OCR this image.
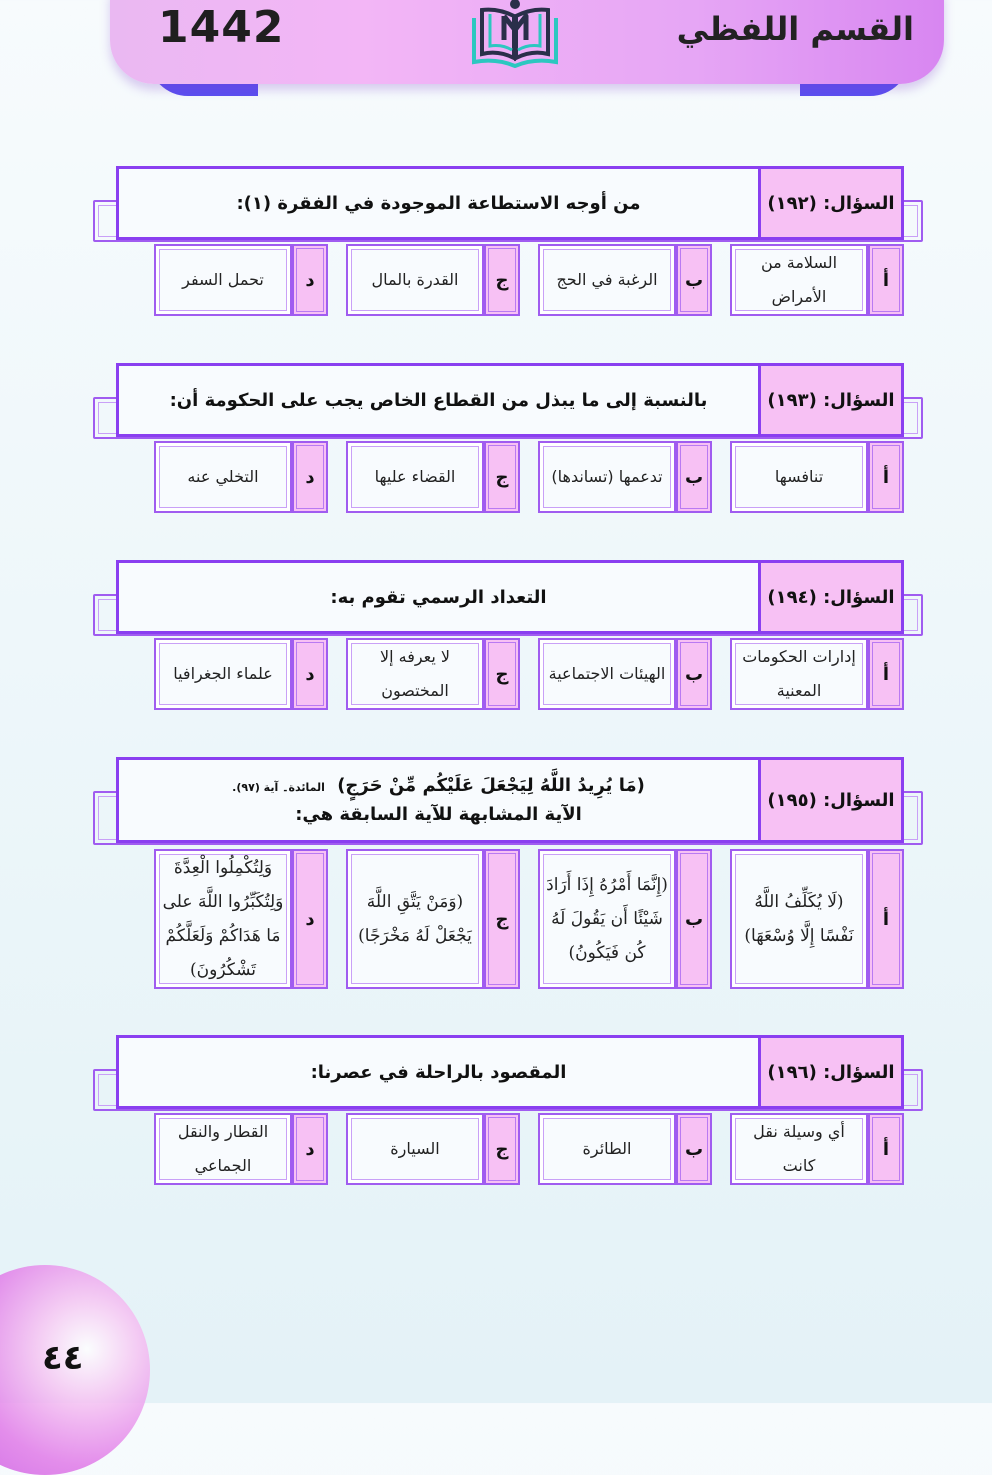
القسم اللفظي
1442
السؤال: (١٩٢)
من أوجه الاستطاعة الموجودة في الفقرة (١):
أ
السلامة من الأمراض
ب
الرغبة في الحج
ج
القدرة بالمال
د
تحمل السفر
السؤال: (١٩٣)
بالنسبة إلى ما يبذل من القطاع الخاص يجب على الحكومة أن:
أ
تنافسها
ب
تدعمها (تساندها)
ج
القضاء عليها
د
التخلي عنه
السؤال: (١٩٤)
التعداد الرسمي تقوم به:
أ
إدارات الحكومات المعنية
ب
الهيئات الاجتماعية
ج
لا يعرفه إلا المختصون
د
علماء الجغرافيا
السؤال: (١٩٥)
(مَا يُرِيدُ اللَّهُ لِيَجْعَلَ عَلَيْكُم مِّنْ حَرَجٍ) المائدة۔ آية (٩٧).
الآية المشابهة للآية السابقة هي:
أ
(لَا يُكَلِّفُ اللَّهُ نَفْسًا إِلَّا وُسْعَهَا)
ب
(إِنَّمَا أَمْرُهُ إِذَا أَرَادَ شَيْئًا أَن يَقُولَ لَهُ كُن فَيَكُونُ)
ج
(وَمَنْ يَتَّقِ اللَّهَ يَجْعَلْ لَهُ مَخْرَجًا)
د
وَلِتُكْمِلُوا الْعِدَّةَ وَلِتُكَبِّرُوا اللَّهَ على مَا هَدَاكُمْ وَلَعَلَّكُمْ تَشْكُرُونَ)
السؤال: (١٩٦)
المقصود بالراحلة في عصرنا:
أ
أي وسيلة نقل كانت
ب
الطائرة
ج
السيارة
د
القطار والنقل الجماعي
٤٤
